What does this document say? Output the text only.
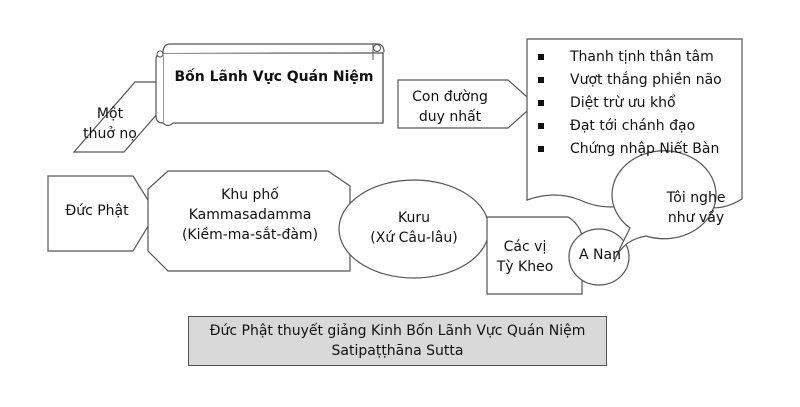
Một
thuở nọ
Bốn Lãnh Vực Quán Niệm
Con đường
duy nhất
Thanh tịnh thân tâm
Vượt thắng phiền não
Diệt trừ ưu khổ
Đạt tới chánh đạo
Chứng nhập Niết Bàn
Đức Phật
Khu phố
Kammasadamma
(Kiềm-ma-sắt-đàm)
Kuru
(Xứ Câu-lâu)
Các vị
Tỳ Kheo
A Nan
Tôi nghe
như vầy
Đức Phật thuyết giảng Kinh Bốn Lãnh Vực Quán Niệm
Satipaṭṭhāna Sutta
